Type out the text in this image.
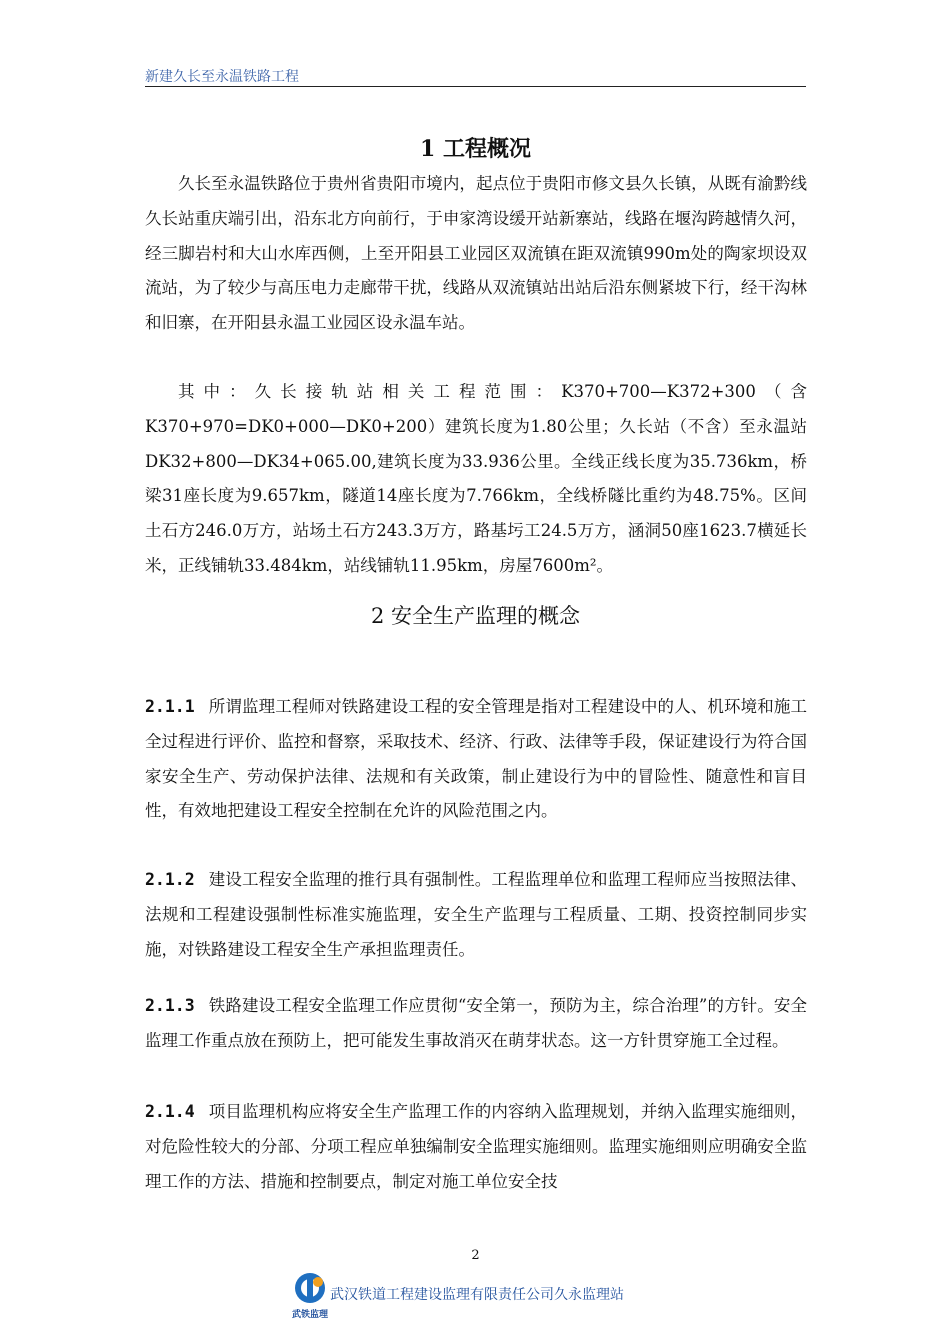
新建久长至永温铁路工程
1 工程概况

久长至永温铁路位于贵州省贵阳市境内，起点位于贵阳市修文县久长镇，从既有渝黔线久长站重庆端引出，沿东北方向前行，于申家湾设缓开站新寨站，线路在堰沟跨越情久河，经三脚岩村和大山水库西侧，上至开阳县工业园区双流镇在距双流镇990m处的陶家坝设双流站，为了较少与高压电力走廊带干扰，线路从双流镇站出站后沿东侧紧坡下行，经干沟林和旧寨，在开阳县永温工业园区设永温车站。

其中：久长接轨站相关工程范围：K370+700—K372+300（含K370+970=DK0+000—DK0+200）建筑长度为1.80公里；久长站（不含）至永温站DK32+800—DK34+065.00,建筑长度为33.936公里。全线正线长度为35.736km，桥梁31座长度为9.657km，隧道14座长度为7.766km，全线桥隧比重约为48.75%。区间土石方246.0万方，站场土石方243.3万方，路基圬工24.5万方，涵洞50座1623.7横延长米，正线铺轨33.484km，站线铺轨11.95km，房屋7600m²。

2 安全生产监理的概念

2.1.1 所谓监理工程师对铁路建设工程的安全管理是指对工程建设中的人、机环境和施工全过程进行评价、监控和督察，采取技术、经济、行政、法律等手段，保证建设行为符合国家安全生产、劳动保护法律、法规和有关政策，制止建设行为中的冒险性、随意性和盲目性，有效地把建设工程安全控制在允许的风险范围之内。

2.1.2 建设工程安全监理的推行具有强制性。工程监理单位和监理工程师应当按照法律、法规和工程建设强制性标准实施监理，安全生产监理与工程质量、工期、投资控制同步实施，对铁路建设工程安全生产承担监理责任。

2.1.3 铁路建设工程安全监理工作应贯彻“安全第一，预防为主，综合治理”的方针。安全监理工作重点放在预防上，把可能发生事故消灭在萌芽状态。这一方针贯穿施工全过程。

2.1.4 项目监理机构应将安全生产监理工作的内容纳入监理规划，并纳入监理实施细则，对危险性较大的分部、分项工程应单独编制安全监理实施细则。监理实施细则应明确安全监理工作的方法、措施和控制要点，制定对施工单位安全技

2
武铁监理
武汉铁道工程建设监理有限责任公司久永监理站
